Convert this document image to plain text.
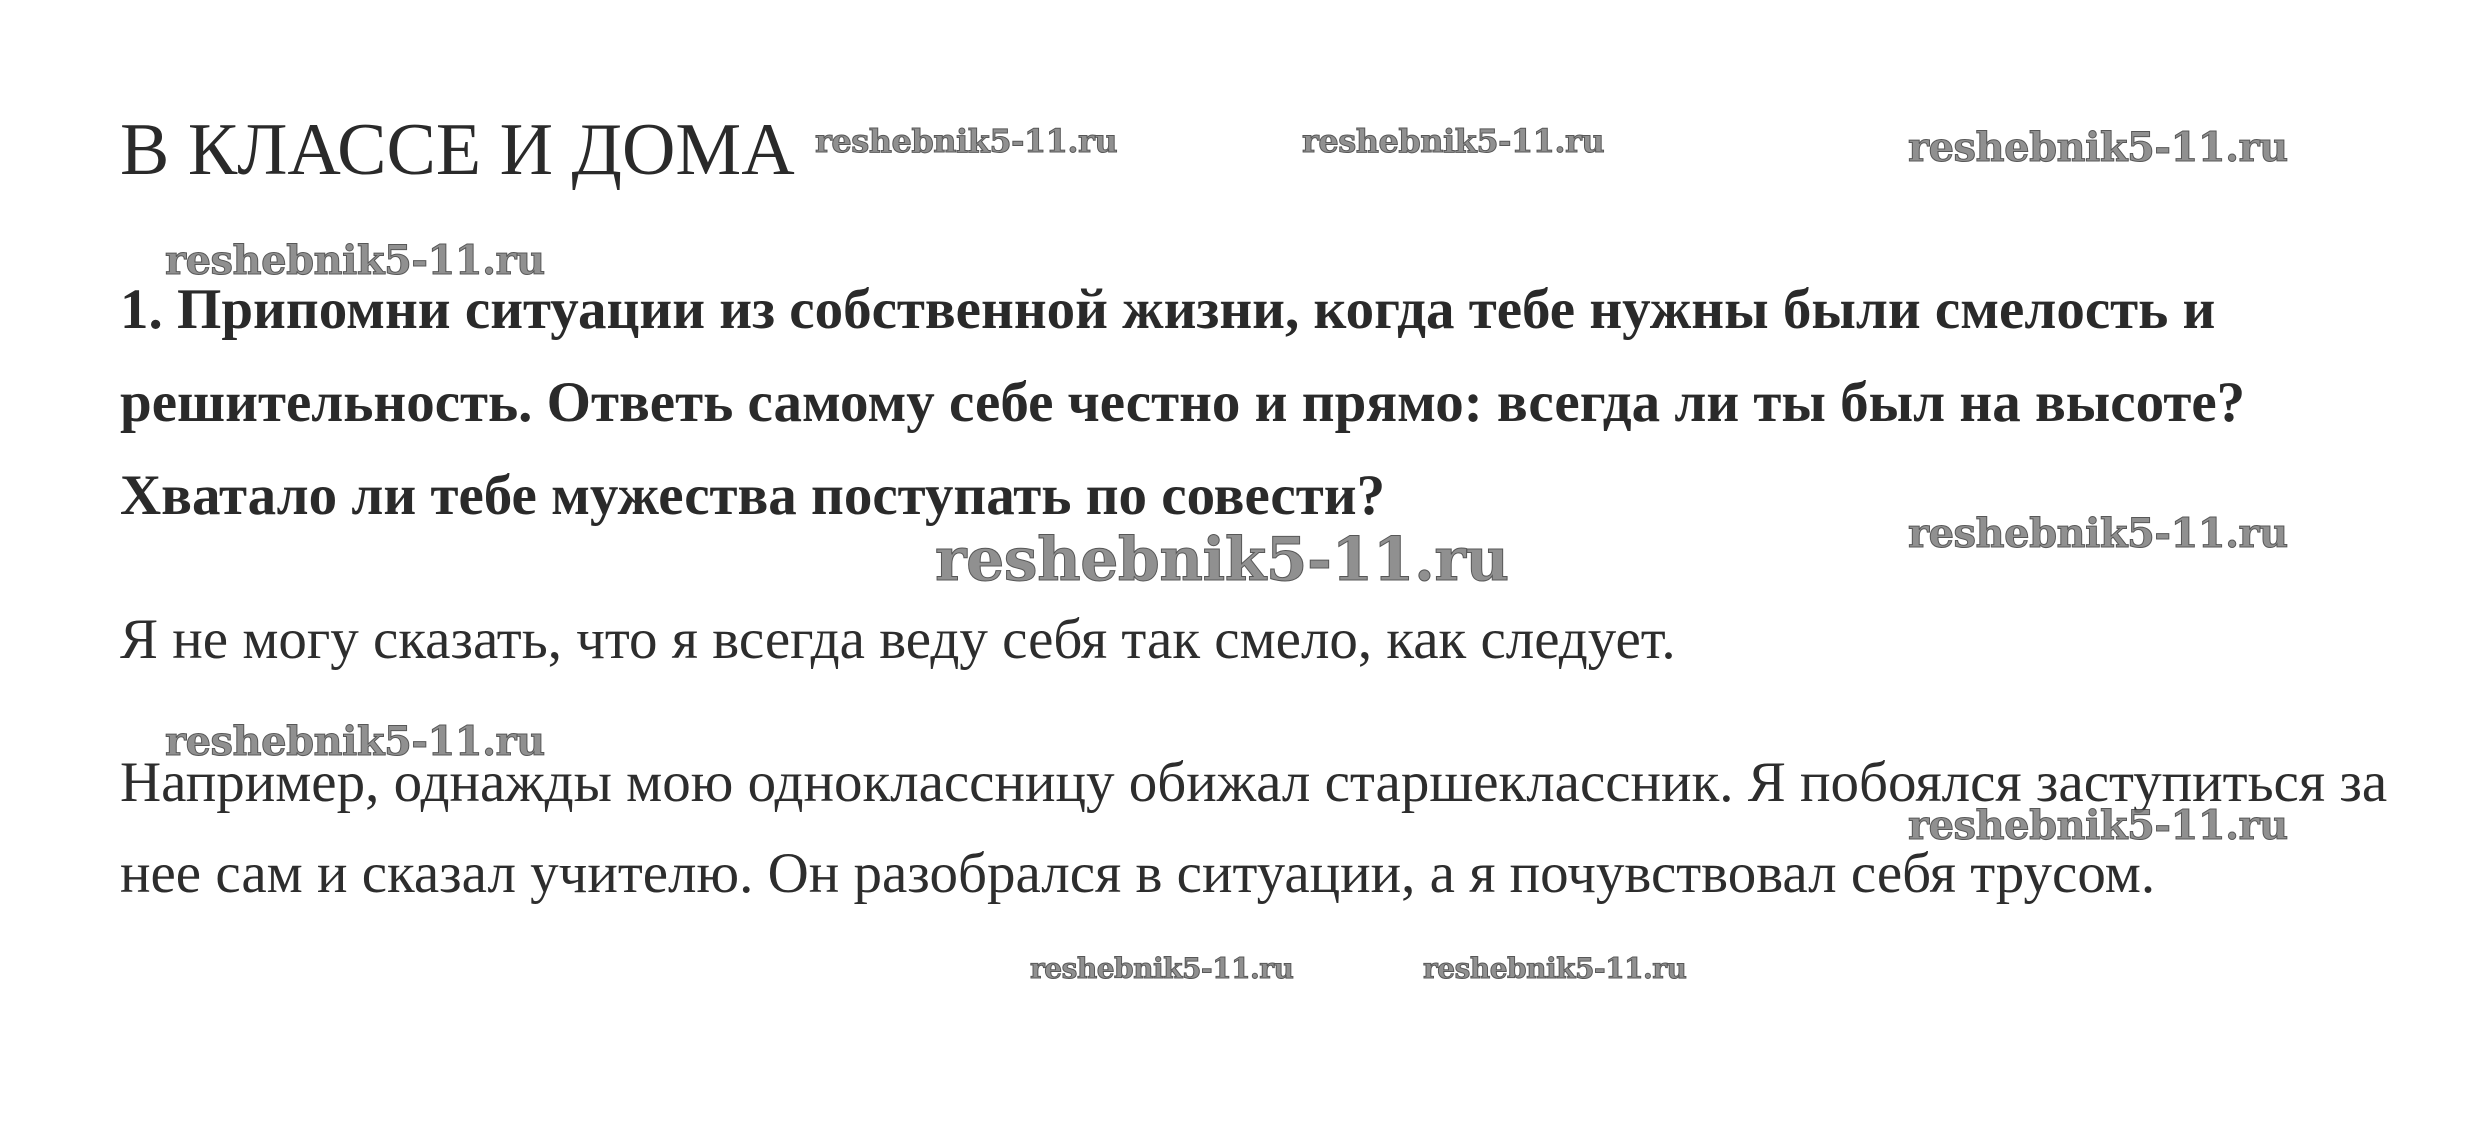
В КЛАССЕ И ДОМА

1. Припомни ситуации из собственной жизни, когда тебе нужны были смелость и решительность. Ответь самому себе честно и прямо: всегда ли ты был на высоте? Хватало ли тебе мужества поступать по совести?

Я не могу сказать, что я всегда веду себя так смело, как следует.

Например, однажды мою одноклассницу обижал старшеклассник. Я побоялся заступиться за нее сам и сказал учителю. Он разобрался в ситуации, а я почувствовал себя трусом.

reshebnik5-11.ru	reshebnik5-11.ru	reshebnik5-11.ru
reshebnik5-11.ru
reshebnik5-11.ru
reshebnik5-11.ru
reshebnik5-11.ru
reshebnik5-11.ru
reshebnik5-11.ru	reshebnik5-11.ru
